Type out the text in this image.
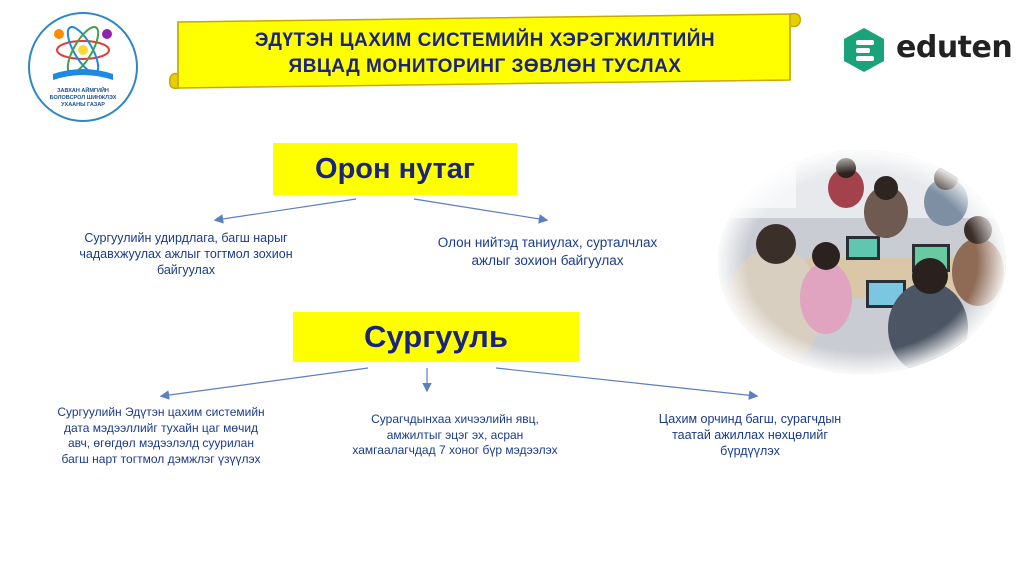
ЗАВХАН АЙМГИЙН
БОЛОВСРОЛ ШИНЖЛЭХ
УХААНЫ ГАЗАР
ЭДҮТЭН ЦАХИМ СИСТЕМИЙН ХЭРЭГЖИЛТИЙН
ЯВЦАД МОНИТОРИНГ ЗӨВЛӨН ТУСЛАХ
eduten
Орон нутаг
Сургууль
Сургуулийн удирдлага, багш нарыг
чадавхжуулах ажлыг тогтмол зохион
байгуулах
Олон нийтэд таниулах, сурталчлах
ажлыг зохион байгуулах
Сургуулийн Эдүтэн цахим системийн
дата мэдээллийг тухайн цаг мөчид
авч, өгөгдөл мэдээлэлд суурилан
багш нарт тогтмол дэмжлэг үзүүлэх
Сурагчдынхаа хичээлийн явц,
амжилтыг эцэг эх, асран
хамгаалагчдад 7 хоног бүр мэдээлэх
Цахим орчинд багш, сурагчдын
таатай ажиллах нөхцөлийг
бүрдүүлэх
